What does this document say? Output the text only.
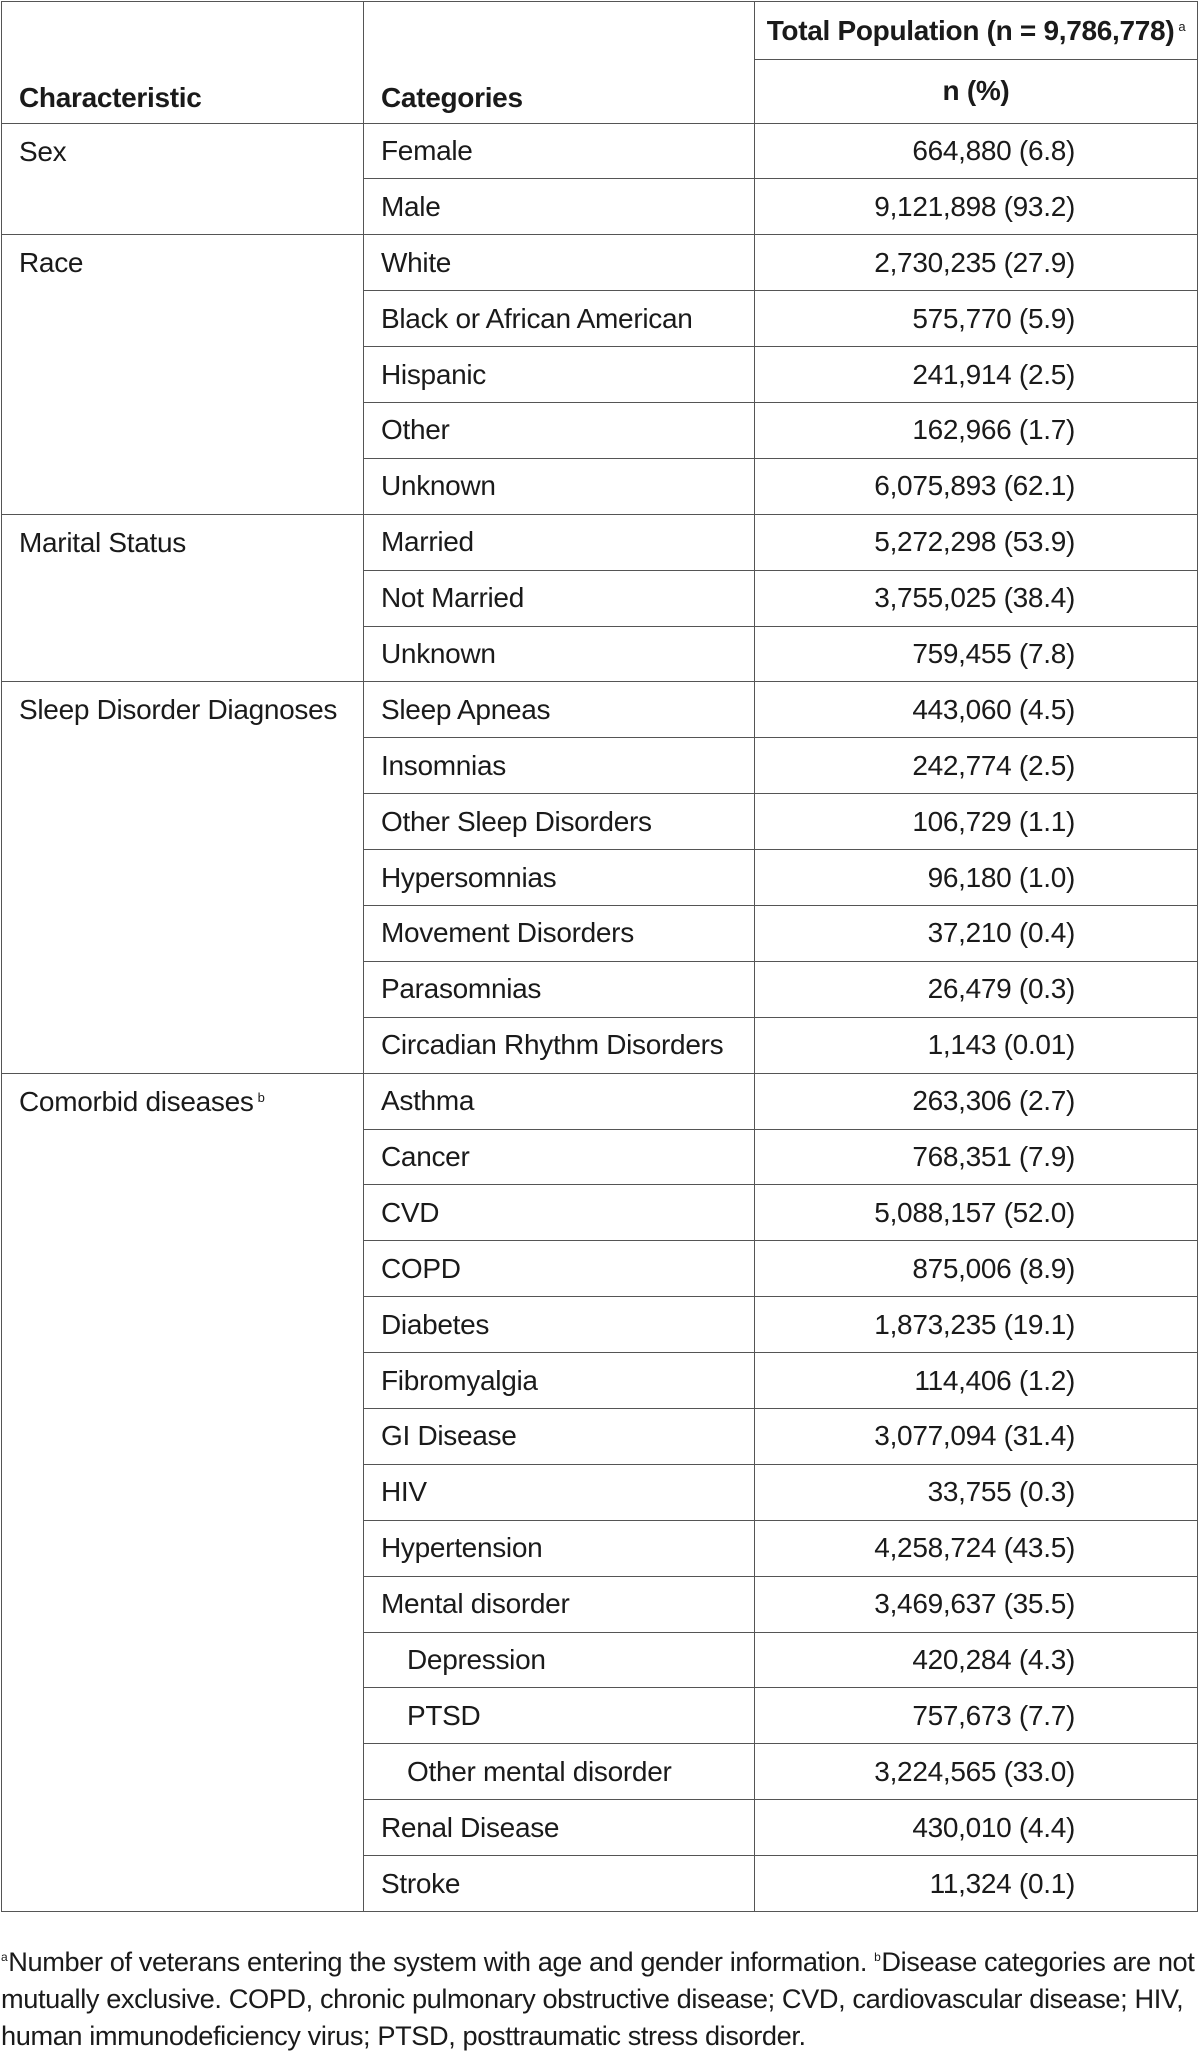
		Total Population (n = 9,786,778) $^a$
Characteristic	Categories	n (%)
Sex	Female	664,880 (6.8)
	Male	9,121,898 (93.2)
Race	White	2,730,235 (27.9)
	Black or African American	575,770 (5.9)
	Hispanic	241,914 (2.5)
	Other	162,966 (1.7)
	Unknown	6,075,893 (62.1)
Marital Status	Married	5,272,298 (53.9)
	Not Married	3,755,025 (38.4)
	Unknown	759,455 (7.8)
Sleep Disorder Diagnoses	Sleep Apneas	443,060 (4.5)
	Insomnias	242,774 (2.5)
	Other Sleep Disorders	106,729 (1.1)
	Hypersomnias	96,180 (1.0)
	Movement Disorders	37,210 (0.4)
	Parasomnias	26,479 (0.3)
	Circadian Rhythm Disorders	1,143 (0.01)
Comorbid diseases $^b$	Asthma	263,306 (2.7)
	Cancer	768,351 (7.9)
	CVD	5,088,157 (52.0)
	COPD	875,006 (8.9)
	Diabetes	1,873,235 (19.1)
	Fibromyalgia	114,406 (1.2)
	GI Disease	3,077,094 (31.4)
	HIV	33,755 (0.3)
	Hypertension	4,258,724 (43.5)
	Mental disorder	3,469,637 (35.5)
	Depression	420,284 (4.3)
	PTSD	757,673 (7.7)
	Other mental disorder	3,224,565 (33.0)
	Renal Disease	430,010 (4.4)
	Stroke	11,324 (0.1)
$^a$Number of veterans entering the system with age and gender information. $^b$Disease categories are not mutually exclusive. COPD, chronic pulmonary obstructive disease; CVD, cardiovascular disease; HIV, human immunodeficiency virus; PTSD, posttraumatic stress disorder.
